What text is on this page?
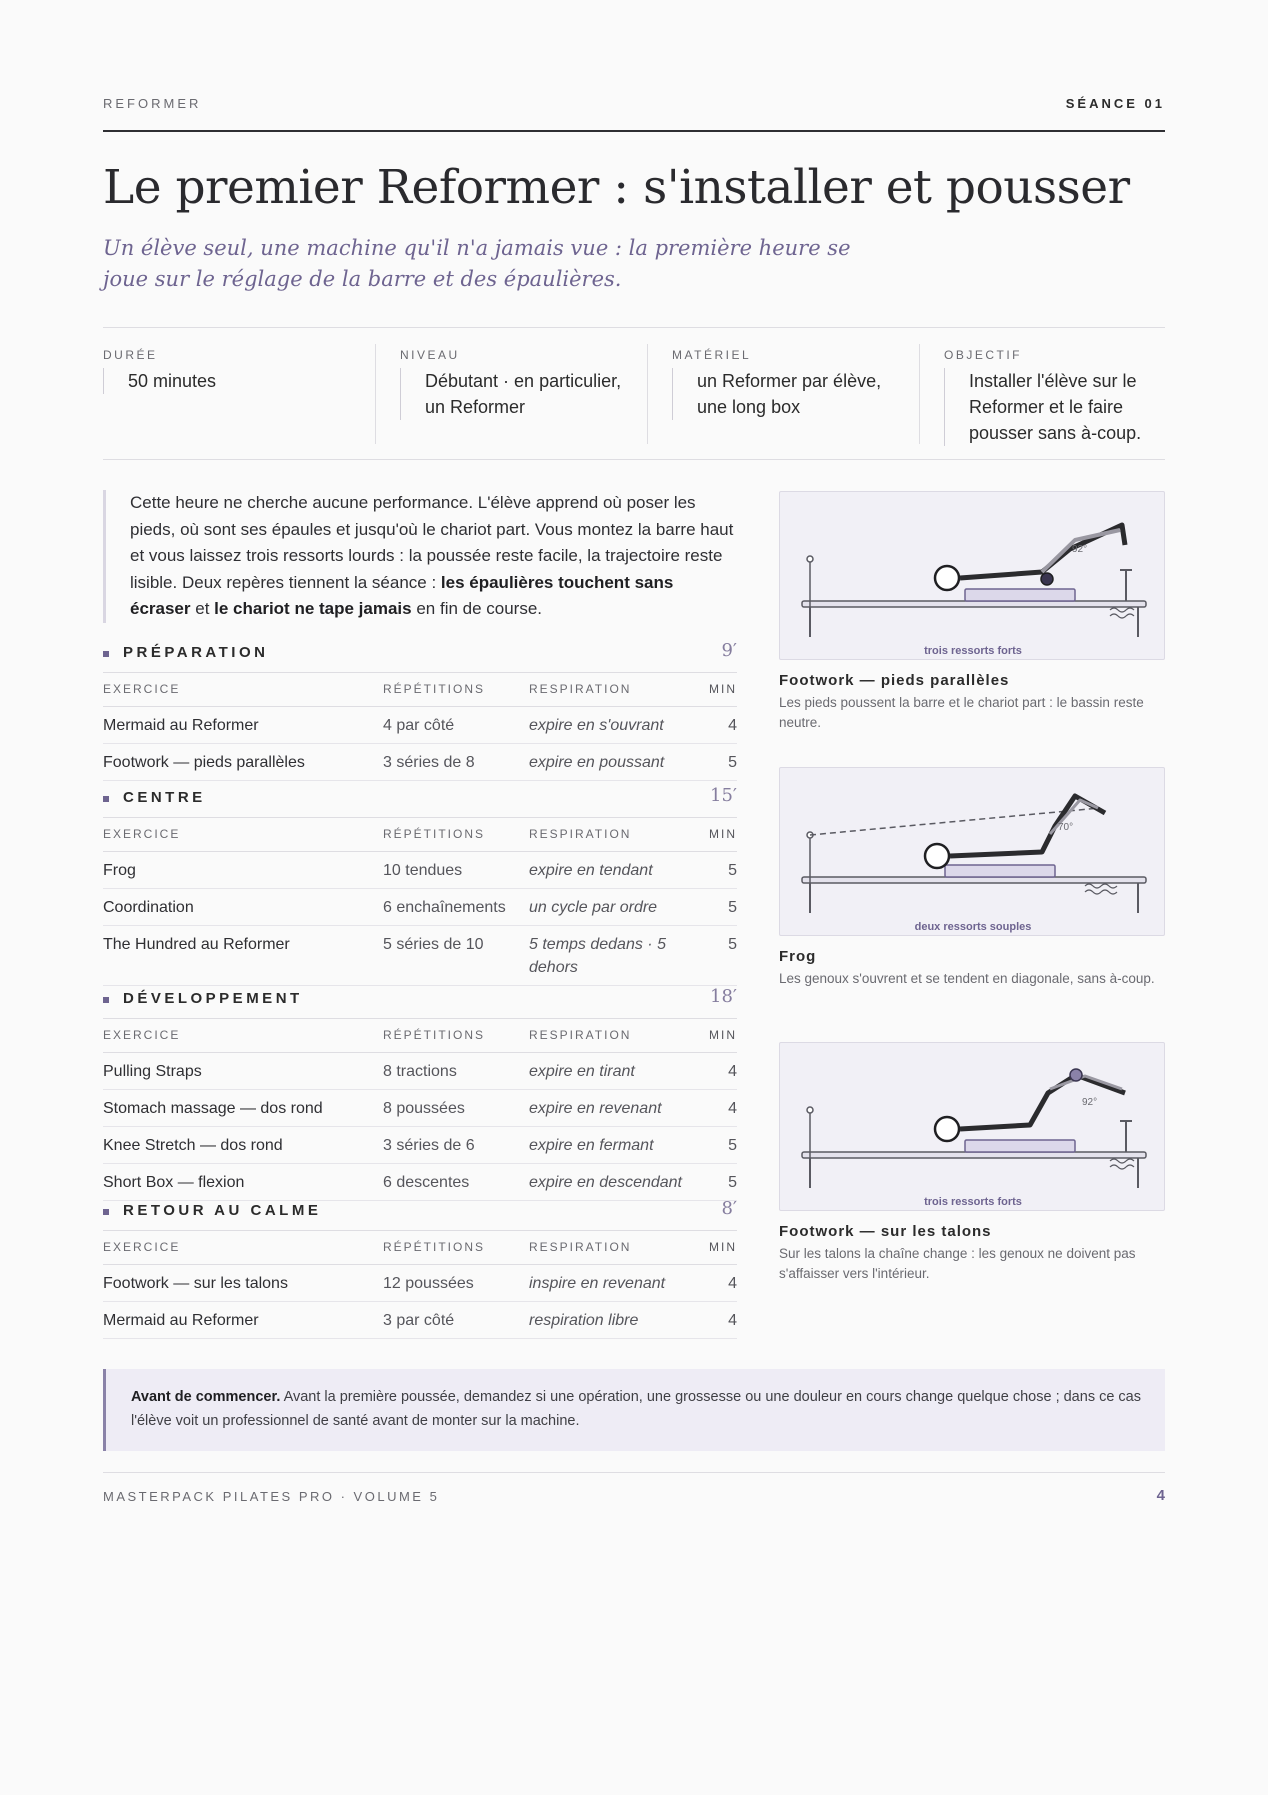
REFORMER	SÉANCE 01
Le premier Reformer : s'installer et pousser

Un élève seul, une machine qu'il n'a jamais vue : la première heure se joue sur le réglage de la barre et des épaulières.

DURÉE
50 minutes
NIVEAU
Débutant · en particulier, un Reformer
MATÉRIEL
un Reformer par élève, une long box
OBJECTIF
Installer l'élève sur le Reformer et le faire pousser sans à-coup.
Cette heure ne cherche aucune performance. L'élève apprend où poser les pieds, où sont ses épaules et jusqu'où le chariot part. Vous montez la barre haut et vous laissez trois ressorts lourds : la poussée reste facile, la trajectoire reste lisible. Deux repères tiennent la séance : les épaulières touchent sans écraser et le chariot ne tape jamais en fin de course.
PRÉPARATION	9′
EXERCICE	RÉPÉTITIONS	RESPIRATION	MIN
Mermaid au Reformer	4 par côté	expire en s'ouvrant	4
Footwork — pieds parallèles	3 séries de 8	expire en poussant	5
CENTRE	15′
EXERCICE	RÉPÉTITIONS	RESPIRATION	MIN
Frog	10 tendues	expire en tendant	5
Coordination	6 enchaînements	un cycle par ordre	5
The Hundred au Reformer	5 séries de 10	5 temps dedans · 5 dehors	5
DÉVELOPPEMENT	18′
EXERCICE	RÉPÉTITIONS	RESPIRATION	MIN
Pulling Straps	8 tractions	expire en tirant	4
Stomach massage — dos rond	8 poussées	expire en revenant	4
Knee Stretch — dos rond	3 séries de 6	expire en fermant	5
Short Box — flexion	6 descentes	expire en descendant	5
RETOUR AU CALME	8′
EXERCICE	RÉPÉTITIONS	RESPIRATION	MIN
Footwork — sur les talons	12 poussées	inspire en revenant	4
Mermaid au Reformer	3 par côté	respiration libre	4
92°
trois ressorts forts
Footwork — pieds parallèles
Les pieds poussent la barre et le chariot part : le bassin reste neutre.
70°
deux ressorts souples
Frog
Les genoux s'ouvrent et se tendent en diagonale, sans à-coup.
92°
trois ressorts forts
Footwork — sur les talons
Sur les talons la chaîne change : les genoux ne doivent pas s'affaisser vers l'intérieur.
Avant de commencer. Avant la première poussée, demandez si une opération, une grossesse ou une douleur en cours change quelque chose ; dans ce cas l'élève voit un professionnel de santé avant de monter sur la machine.
MASTERPACK PILATES PRO · VOLUME 5	4
